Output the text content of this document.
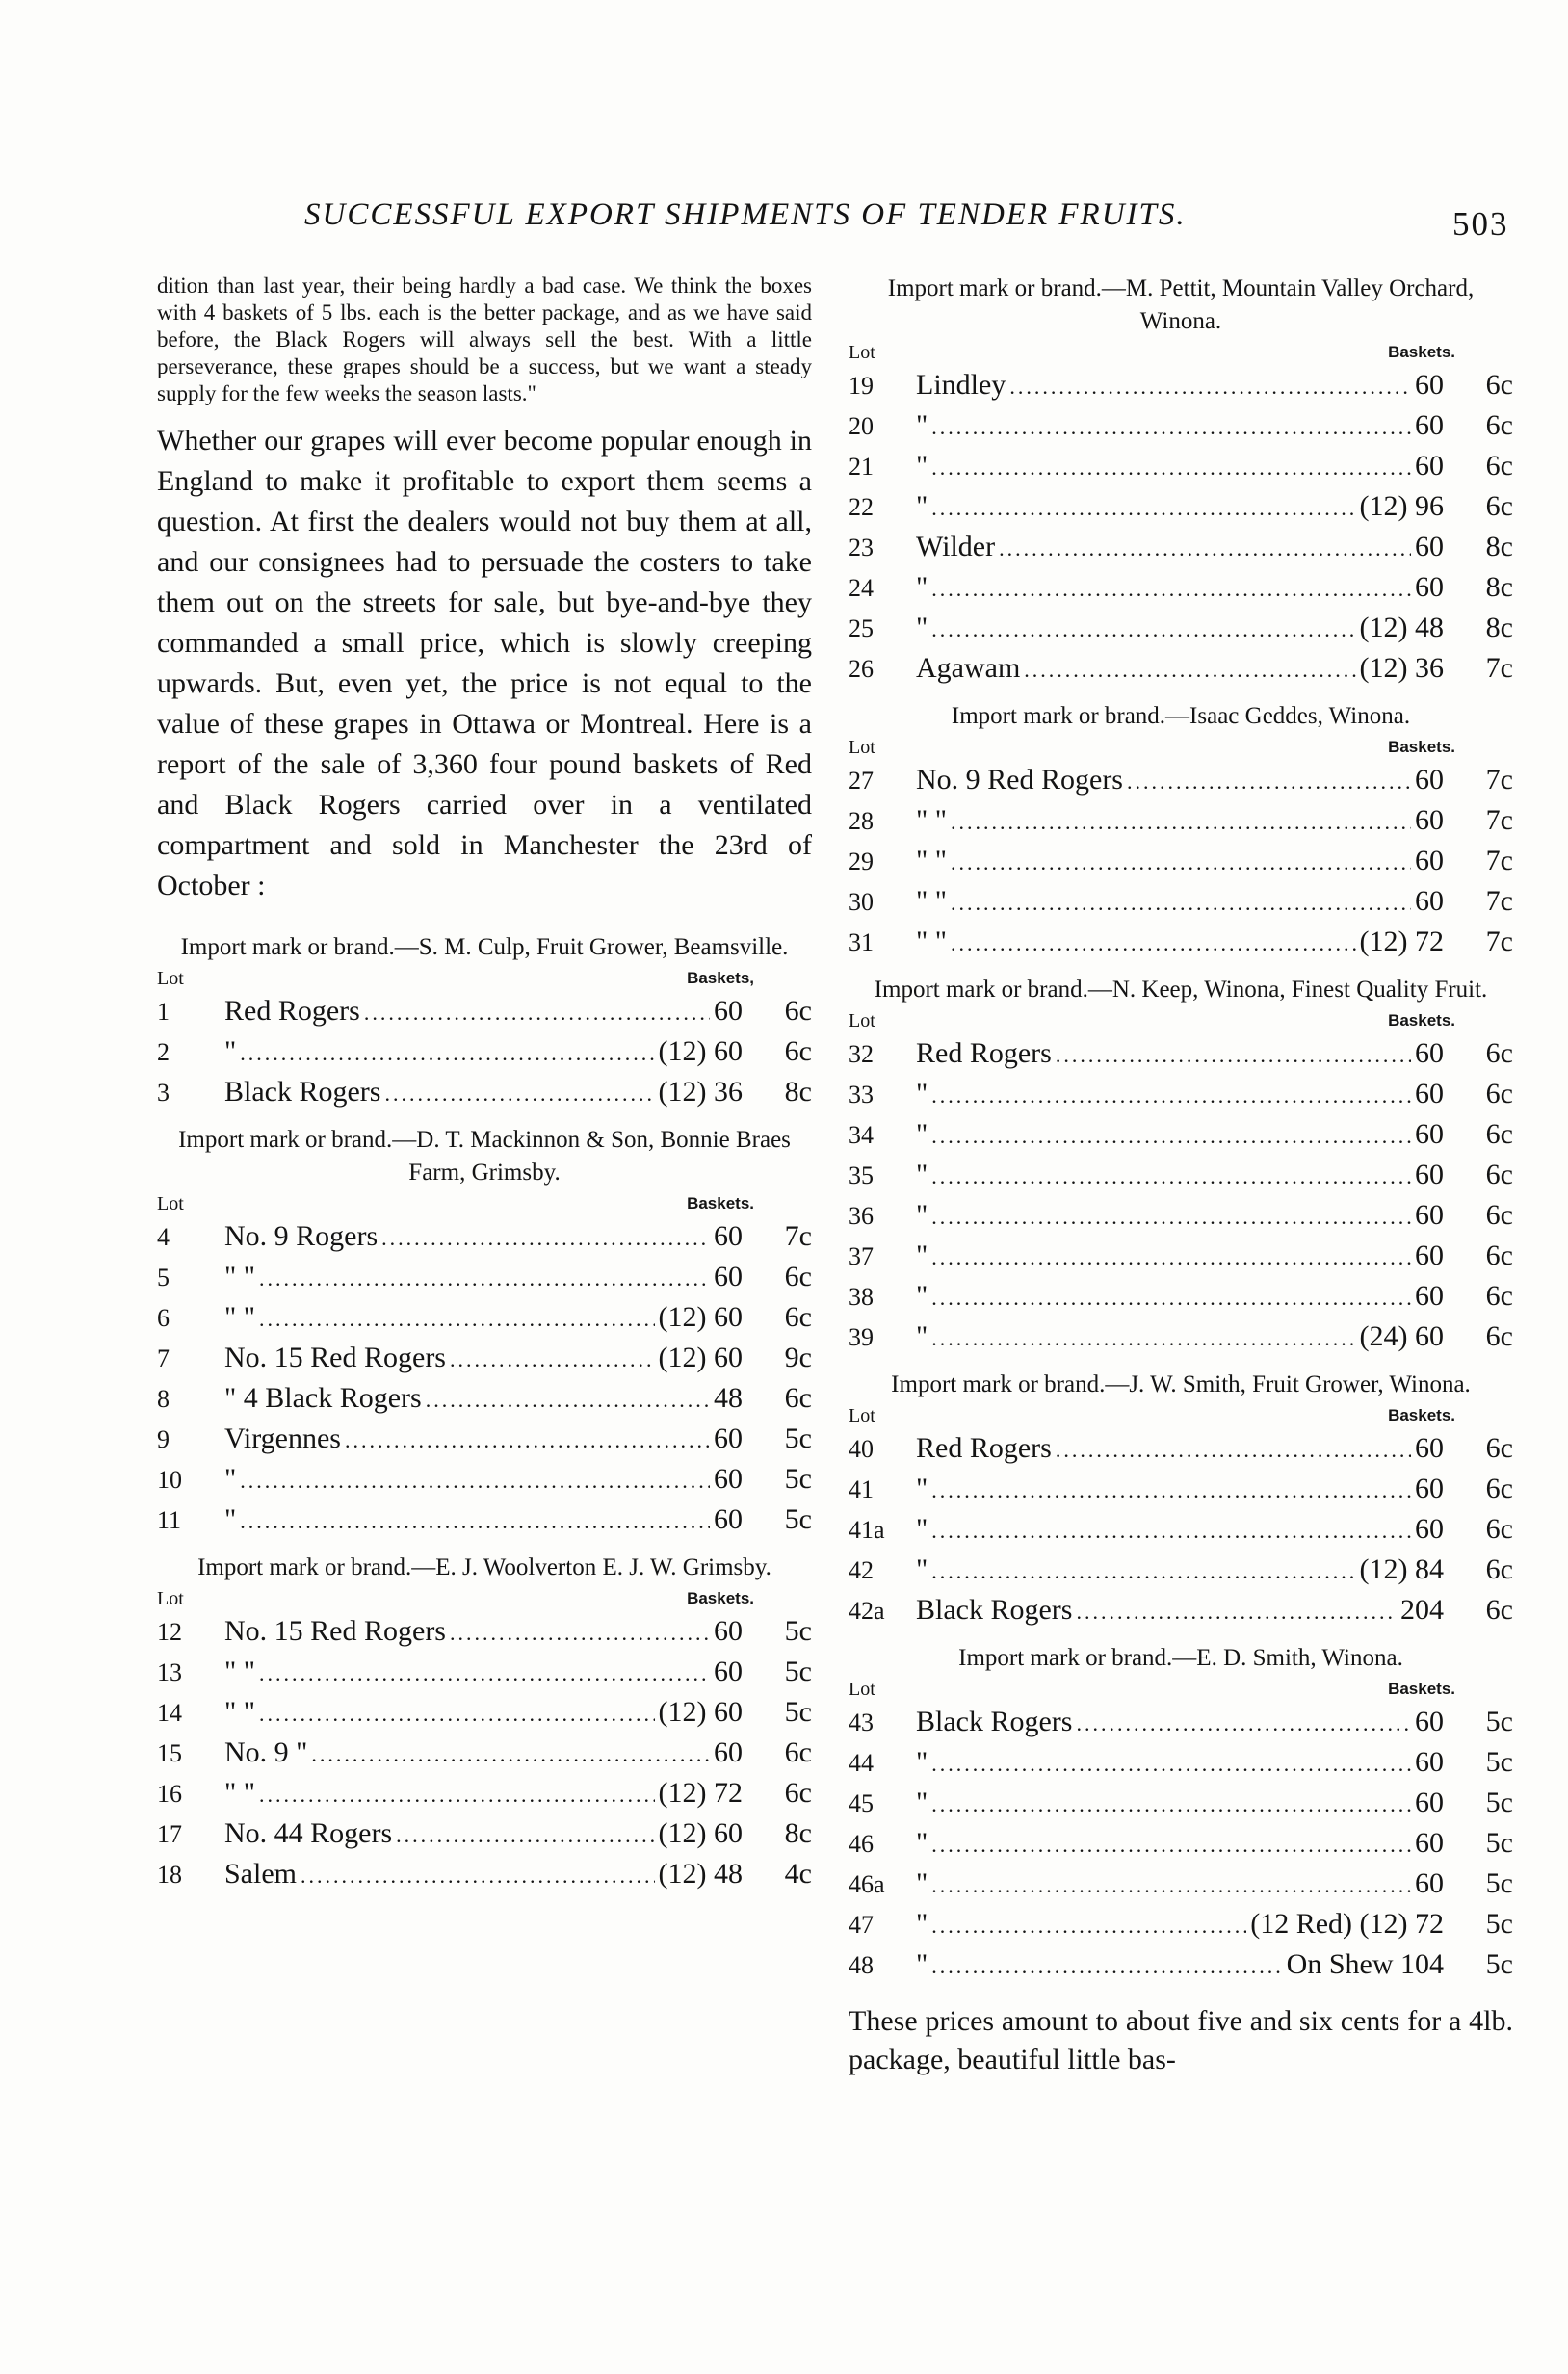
SUCCESSFUL EXPORT SHIPMENTS OF TENDER FRUITS.	503

dition than last year, their being hardly a bad case. We think the boxes with 4 baskets of 5 lbs. each is the better package, and as we have said before, the Black Rogers will always sell the best. With a little perseverance, these grapes should be a success, but we want a steady supply for the few weeks the season lasts."

Whether our grapes will ever become popular enough in England to make it profitable to export them seems a question. At first the dealers would not buy them at all, and our consignees had to persuade the costers to take them out on the streets for sale, but bye-and-bye they commanded a small price, which is slowly creeping upwards. But, even yet, the price is not equal to the value of these grapes in Ottawa or Montreal. Here is a report of the sale of 3,360 four pound baskets of Red and Black Rogers carried over in a ventilated compartment and sold in Manchester the 23rd of October :

Import mark or brand.—S. M. Culp, Fruit Grower, Beamsville.
Lot	Baskets,
1	Red Rogers .....	60	6c
2	" .....	(12) 60	6c
3	Black Rogers .....	(12) 36	8c
Import mark or brand.—D. T. Mackinnon & Son, Bonnie Braes Farm, Grimsby.
Lot	Baskets.
4	No. 9 Rogers .....	60	7c
5	" " .....	60	6c
6	" " .....	(12) 60	6c
7	No. 15 Red Rogers .....	(12) 60	9c
8	" 4 Black Rogers .....	48	6c
9	Virgennes .....	60	5c
10	" .....	60	5c
11	" .....	60	5c
Import mark or brand.—E. J. Woolverton E. J. W. Grimsby.
Lot	Baskets.
12	No. 15 Red Rogers .....	60	5c
13	" " .....	60	5c
14	" " .....	(12) 60	5c
15	No. 9 " .....	60	6c
16	" " .....	(12) 72	6c
17	No. 44 Rogers .....	(12) 60	8c
18	Salem .....	(12) 48	4c
Import mark or brand.—M. Pettit, Mountain Valley Orchard, Winona.
Lot	Baskets.
19	Lindley .....	60	6c
20	" .....	60	6c
21	" .....	60	6c
22	" .....	(12) 96	6c
23	Wilder .....	60	8c
24	" .....	60	8c
25	" .....	(12) 48	8c
26	Agawam .....	(12) 36	7c
Import mark or brand.—Isaac Geddes, Winona.
Lot	Baskets.
27	No. 9 Red Rogers .....	60	7c
28	" " .....	60	7c
29	" " .....	60	7c
30	" " .....	60	7c
31	" " .....	(12) 72	7c
Import mark or brand.—N. Keep, Winona, Finest Quality Fruit.
Lot	Baskets.
32	Red Rogers .....	60	6c
33	" .....	60	6c
34	" .....	60	6c
35	" .....	60	6c
36	" .....	60	6c
37	" .....	60	6c
38	" .....	60	6c
39	" .....	(24) 60	6c
Import mark or brand.—J. W. Smith, Fruit Grower, Winona.
Lot	Baskets.
40	Red Rogers .....	60	6c
41	" .....	60	6c
41a	" .....	60	6c
42	" .....	(12) 84	6c
42a	Black Rogers .....	204	6c
Import mark or brand.—E. D. Smith, Winona.
Lot	Baskets.
43	Black Rogers .....	60	5c
44	" .....	60	5c
45	" .....	60	5c
46	" .....	60	5c
46a	" .....	60	5c
47	" .....	(12 Red) (12) 72	5c
48	" .....	On Shew 104	5c

These prices amount to about five and six cents for a 4lb. package, beautiful little bas-
